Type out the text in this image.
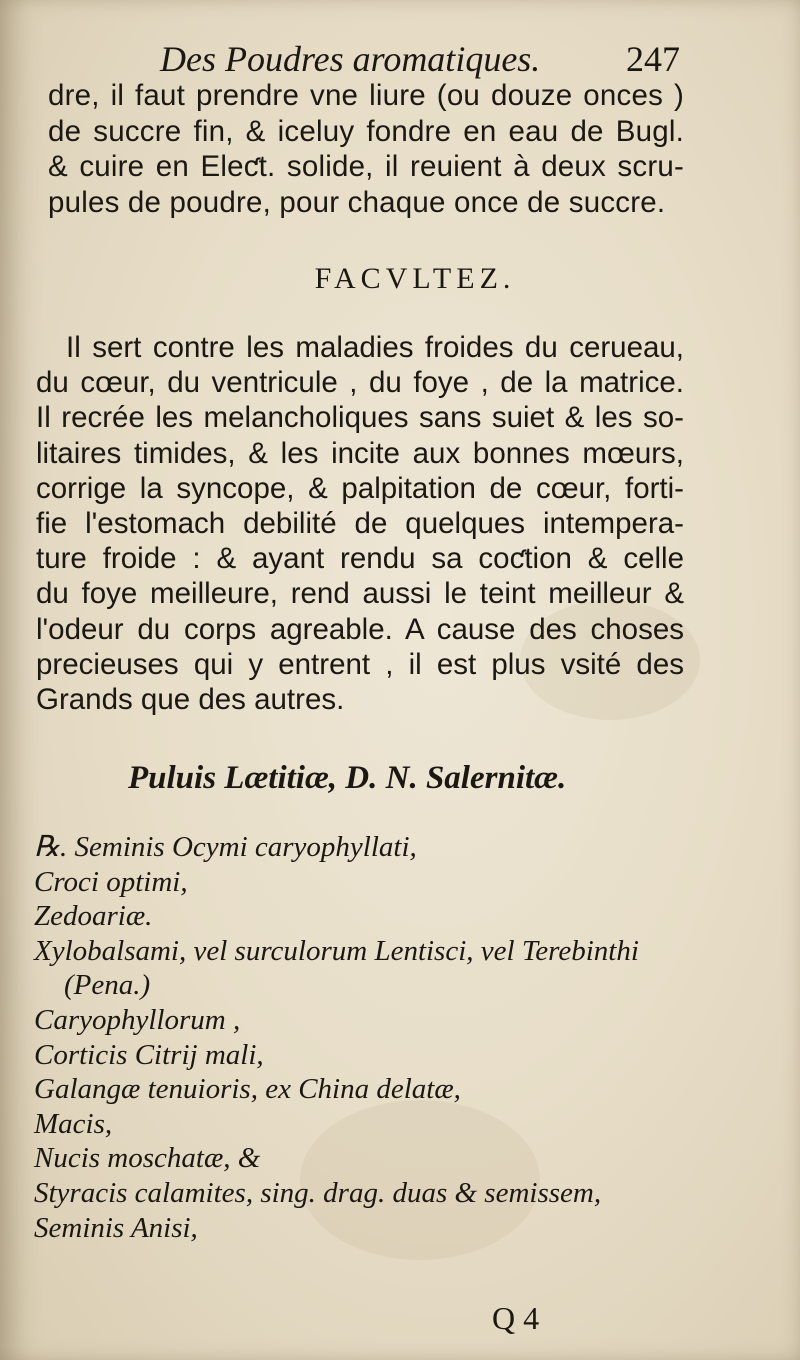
Des Poudres aromatiques. 247
dre, il faut prendre vne liure (ou douze onces )
de succre fin, & iceluy fondre en eau de Bugl.
& cuire en Eleƈt. solide, il reuient à deux scru-
pules de poudre, pour chaque once de succre.
FACVLTEZ.
Il sert contre les maladies froides du cerueau,
du cœur, du ventricule , du foye , de la matrice.
Il recrée les melancholiques sans suiet & les so-
litaires timides, & les incite aux bonnes mœurs,
corrige la syncope, & palpitation de cœur, forti-
fie l'estomach debilité de quelques intempera-
ture froide : & ayant rendu sa coƈtion & celle
du foye meilleure, rend aussi le teint meilleur &
l'odeur du corps agreable. A cause des choses
precieuses qui y entrent , il est plus vsité des
Grands que des autres.
Puluis Lætitiæ, D. N. Salernitæ.
℞. Seminis Ocymi caryophyllati,
Croci optimi,
Zedoariæ.
Xylobalsami, vel surculorum Lentisci, vel Terebinthi
(Pena.)
Caryophyllorum ,
Corticis Citrij mali,
Galangæ tenuioris, ex China delatæ,
Macis,
Nucis moschatæ, &
Styracis calamites, sing. drag. duas & semissem,
Seminis Anisi,
Q 4
